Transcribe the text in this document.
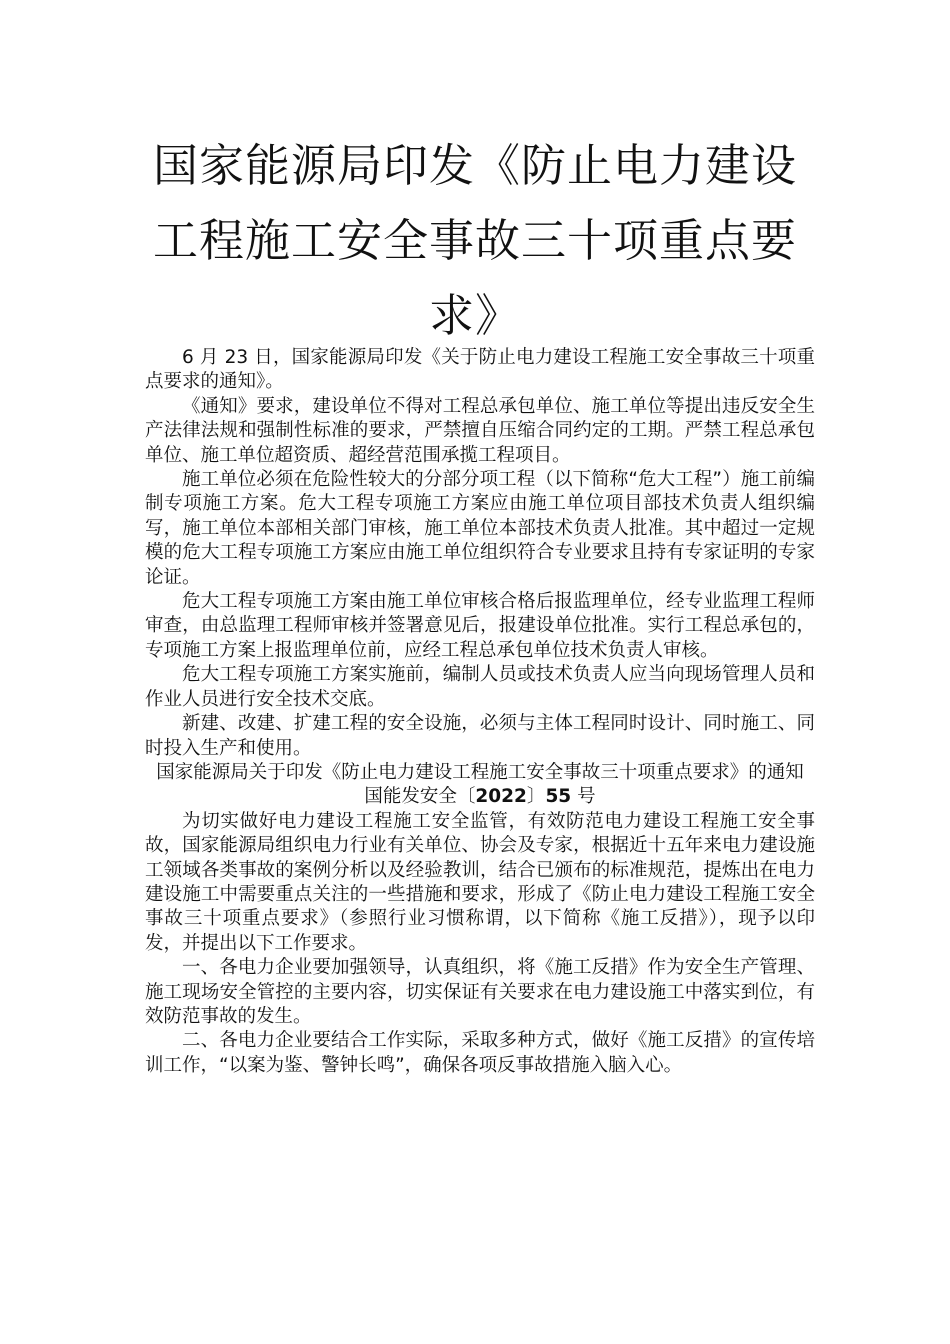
国家能源局印发《防止电力建设工程施工安全事故三十项重点要求》

6 月 23 日，国家能源局印发《关于防止电力建设工程施工安全事故三十项重点要求的通知》。

《通知》要求，建设单位不得对工程总承包单位、施工单位等提出违反安全生产法律法规和强制性标准的要求，严禁擅自压缩合同约定的工期。严禁工程总承包单位、施工单位超资质、超经营范围承揽工程项目。

施工单位必须在危险性较大的分部分项工程（以下简称“危大工程”）施工前编制专项施工方案。危大工程专项施工方案应由施工单位项目部技术负责人组织编写，施工单位本部相关部门审核，施工单位本部技术负责人批准。其中超过一定规模的危大工程专项施工方案应由施工单位组织符合专业要求且持有专家证明的专家论证。

危大工程专项施工方案由施工单位审核合格后报监理单位，经专业监理工程师审查，由总监理工程师审核并签署意见后，报建设单位批准。实行工程总承包的，专项施工方案上报监理单位前，应经工程总承包单位技术负责人审核。

危大工程专项施工方案实施前，编制人员或技术负责人应当向现场管理人员和作业人员进行安全技术交底。

新建、改建、扩建工程的安全设施，必须与主体工程同时设计、同时施工、同时投入生产和使用。

国家能源局关于印发《防止电力建设工程施工安全事故三十项重点要求》的通知

国能发安全〔2022〕55 号

为切实做好电力建设工程施工安全监管，有效防范电力建设工程施工安全事故，国家能源局组织电力行业有关单位、协会及专家，根据近十五年来电力建设施工领域各类事故的案例分析以及经验教训，结合已颁布的标准规范，提炼出在电力建设施工中需要重点关注的一些措施和要求，形成了《防止电力建设工程施工安全事故三十项重点要求》（参照行业习惯称谓，以下简称《施工反措》），现予以印发，并提出以下工作要求。

一、各电力企业要加强领导，认真组织，将《施工反措》作为安全生产管理、施工现场安全管控的主要内容，切实保证有关要求在电力建设施工中落实到位，有效防范事故的发生。

二、各电力企业要结合工作实际，采取多种方式，做好《施工反措》的宣传培训工作，“以案为鉴、警钟长鸣”，确保各项反事故措施入脑入心。
